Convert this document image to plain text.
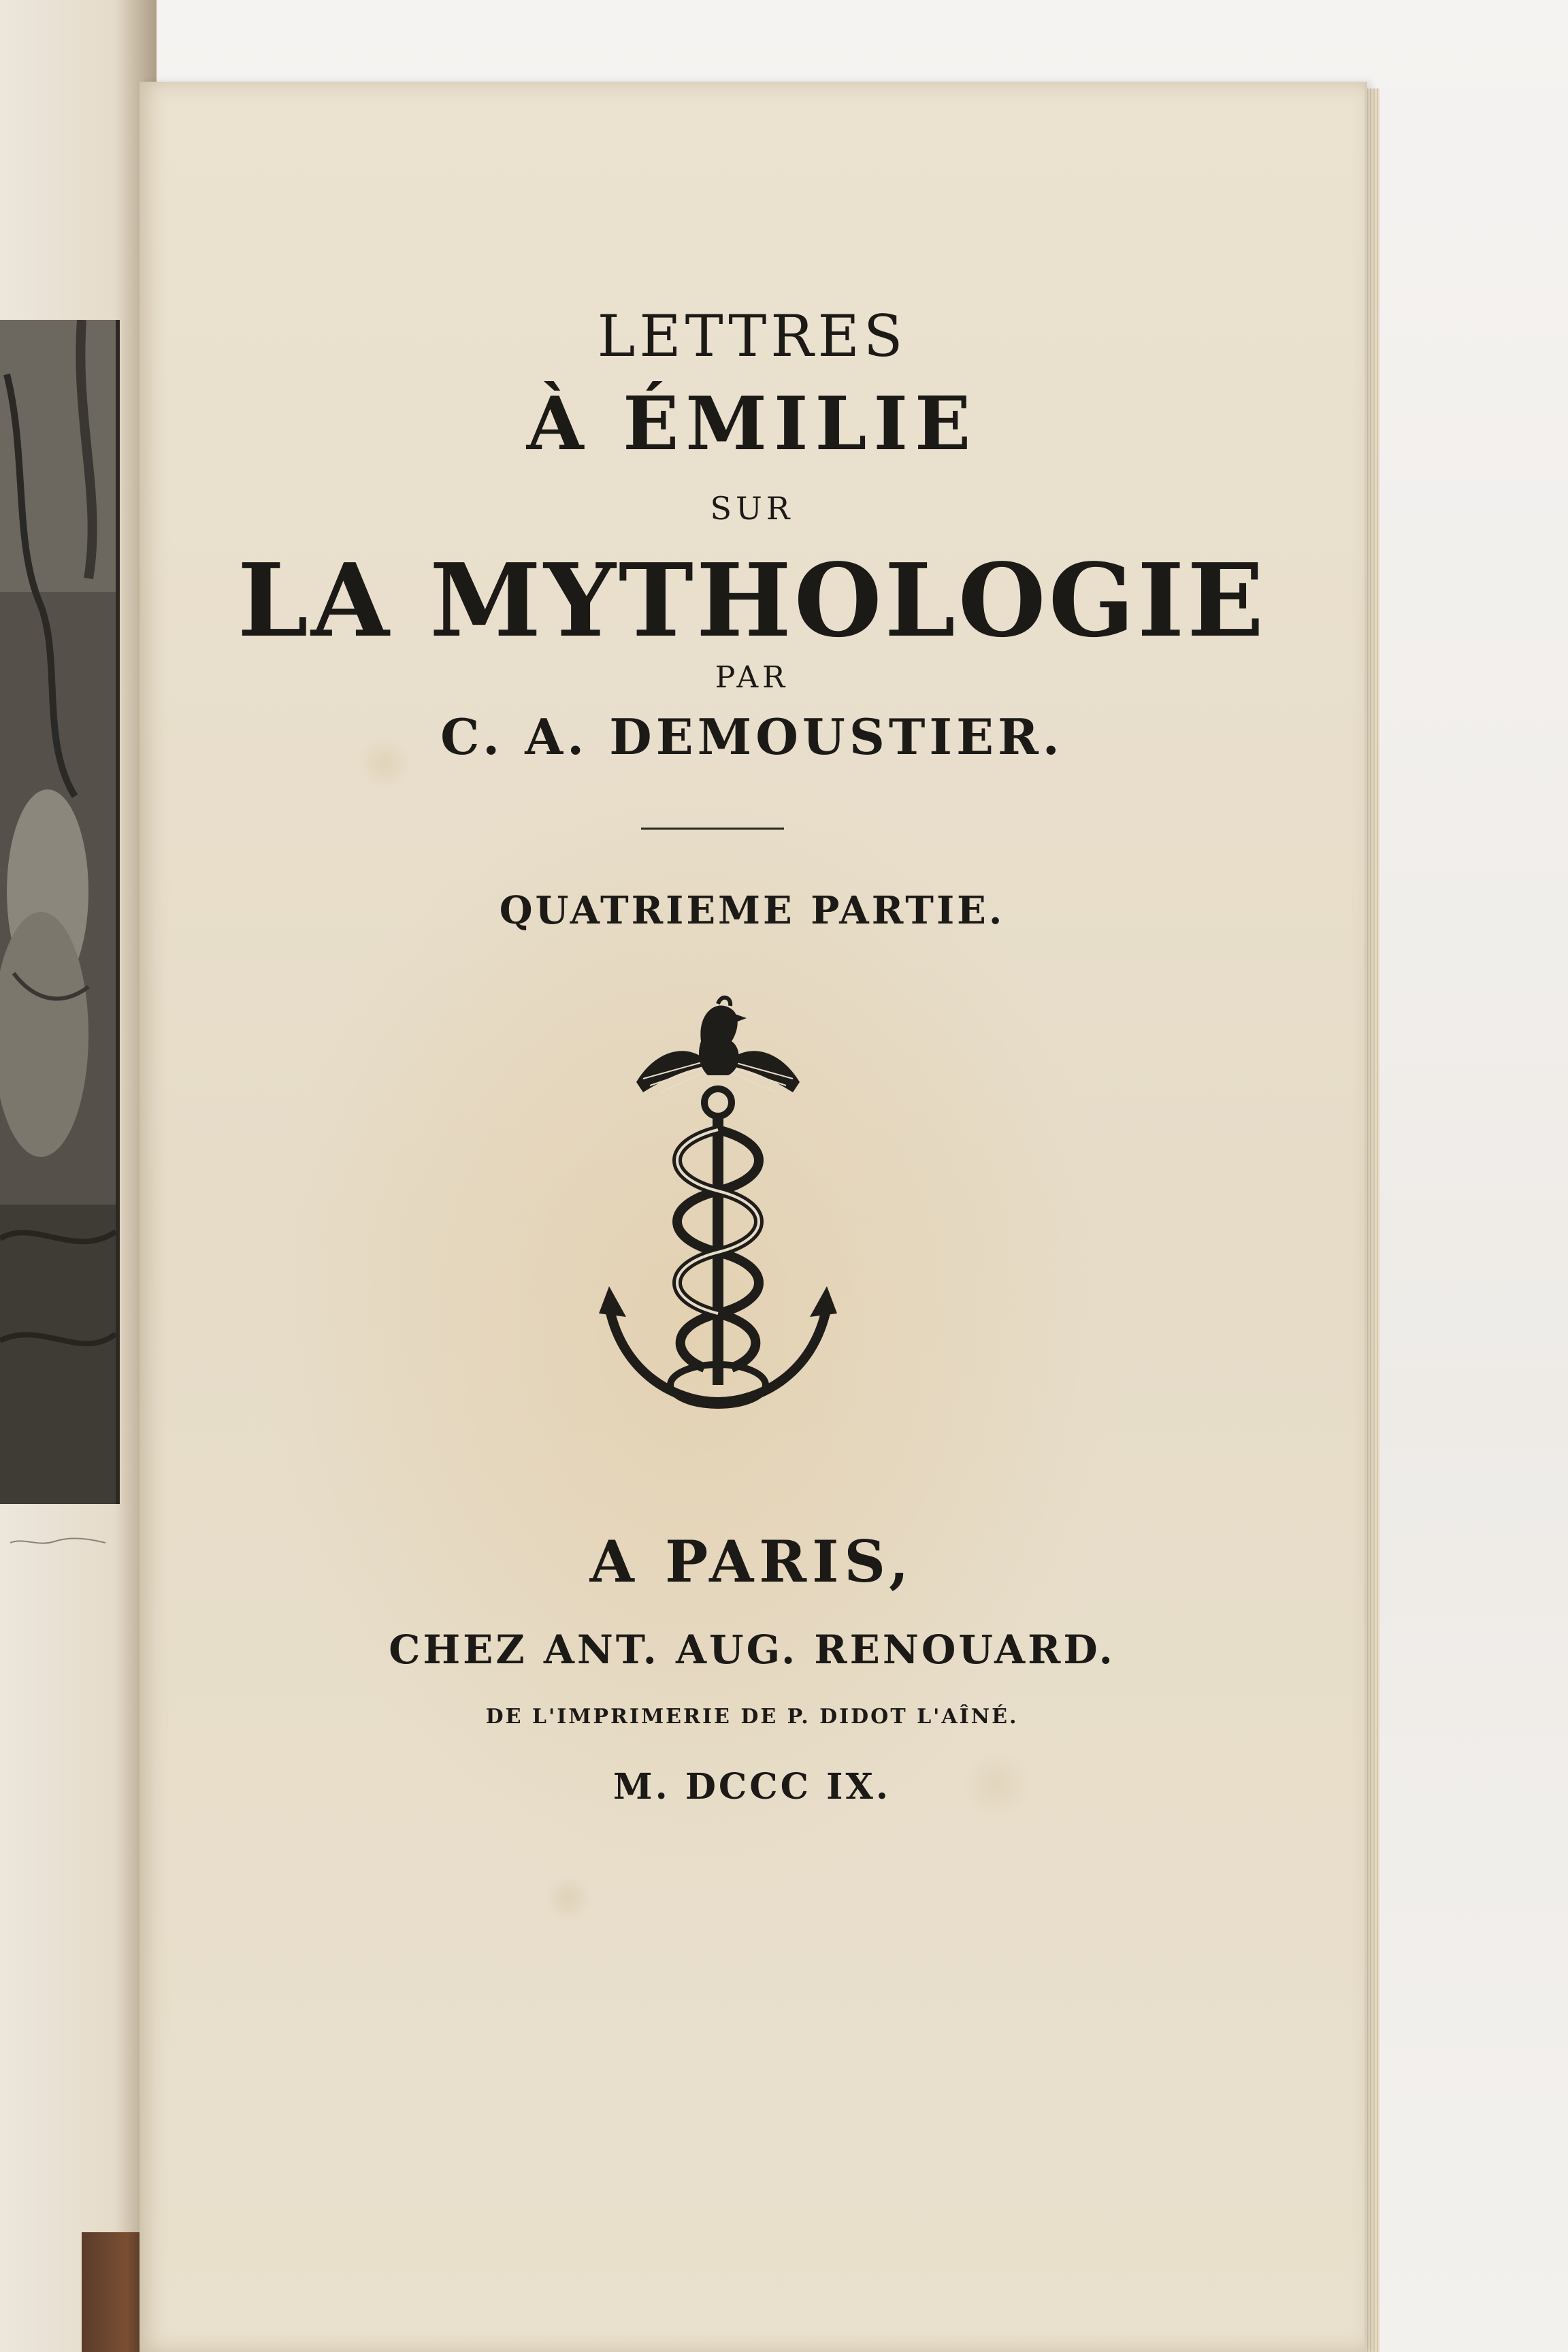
LETTRES
À ÉMILIE
SUR
LA MYTHOLOGIE
PAR
C. A. DEMOUSTIER.
QUATRIEME PARTIE.
A PARIS,
CHEZ ANT. AUG. RENOUARD.
DE L'IMPRIMERIE DE P. DIDOT L'AÎNÉ.
M. DCCC IX.
